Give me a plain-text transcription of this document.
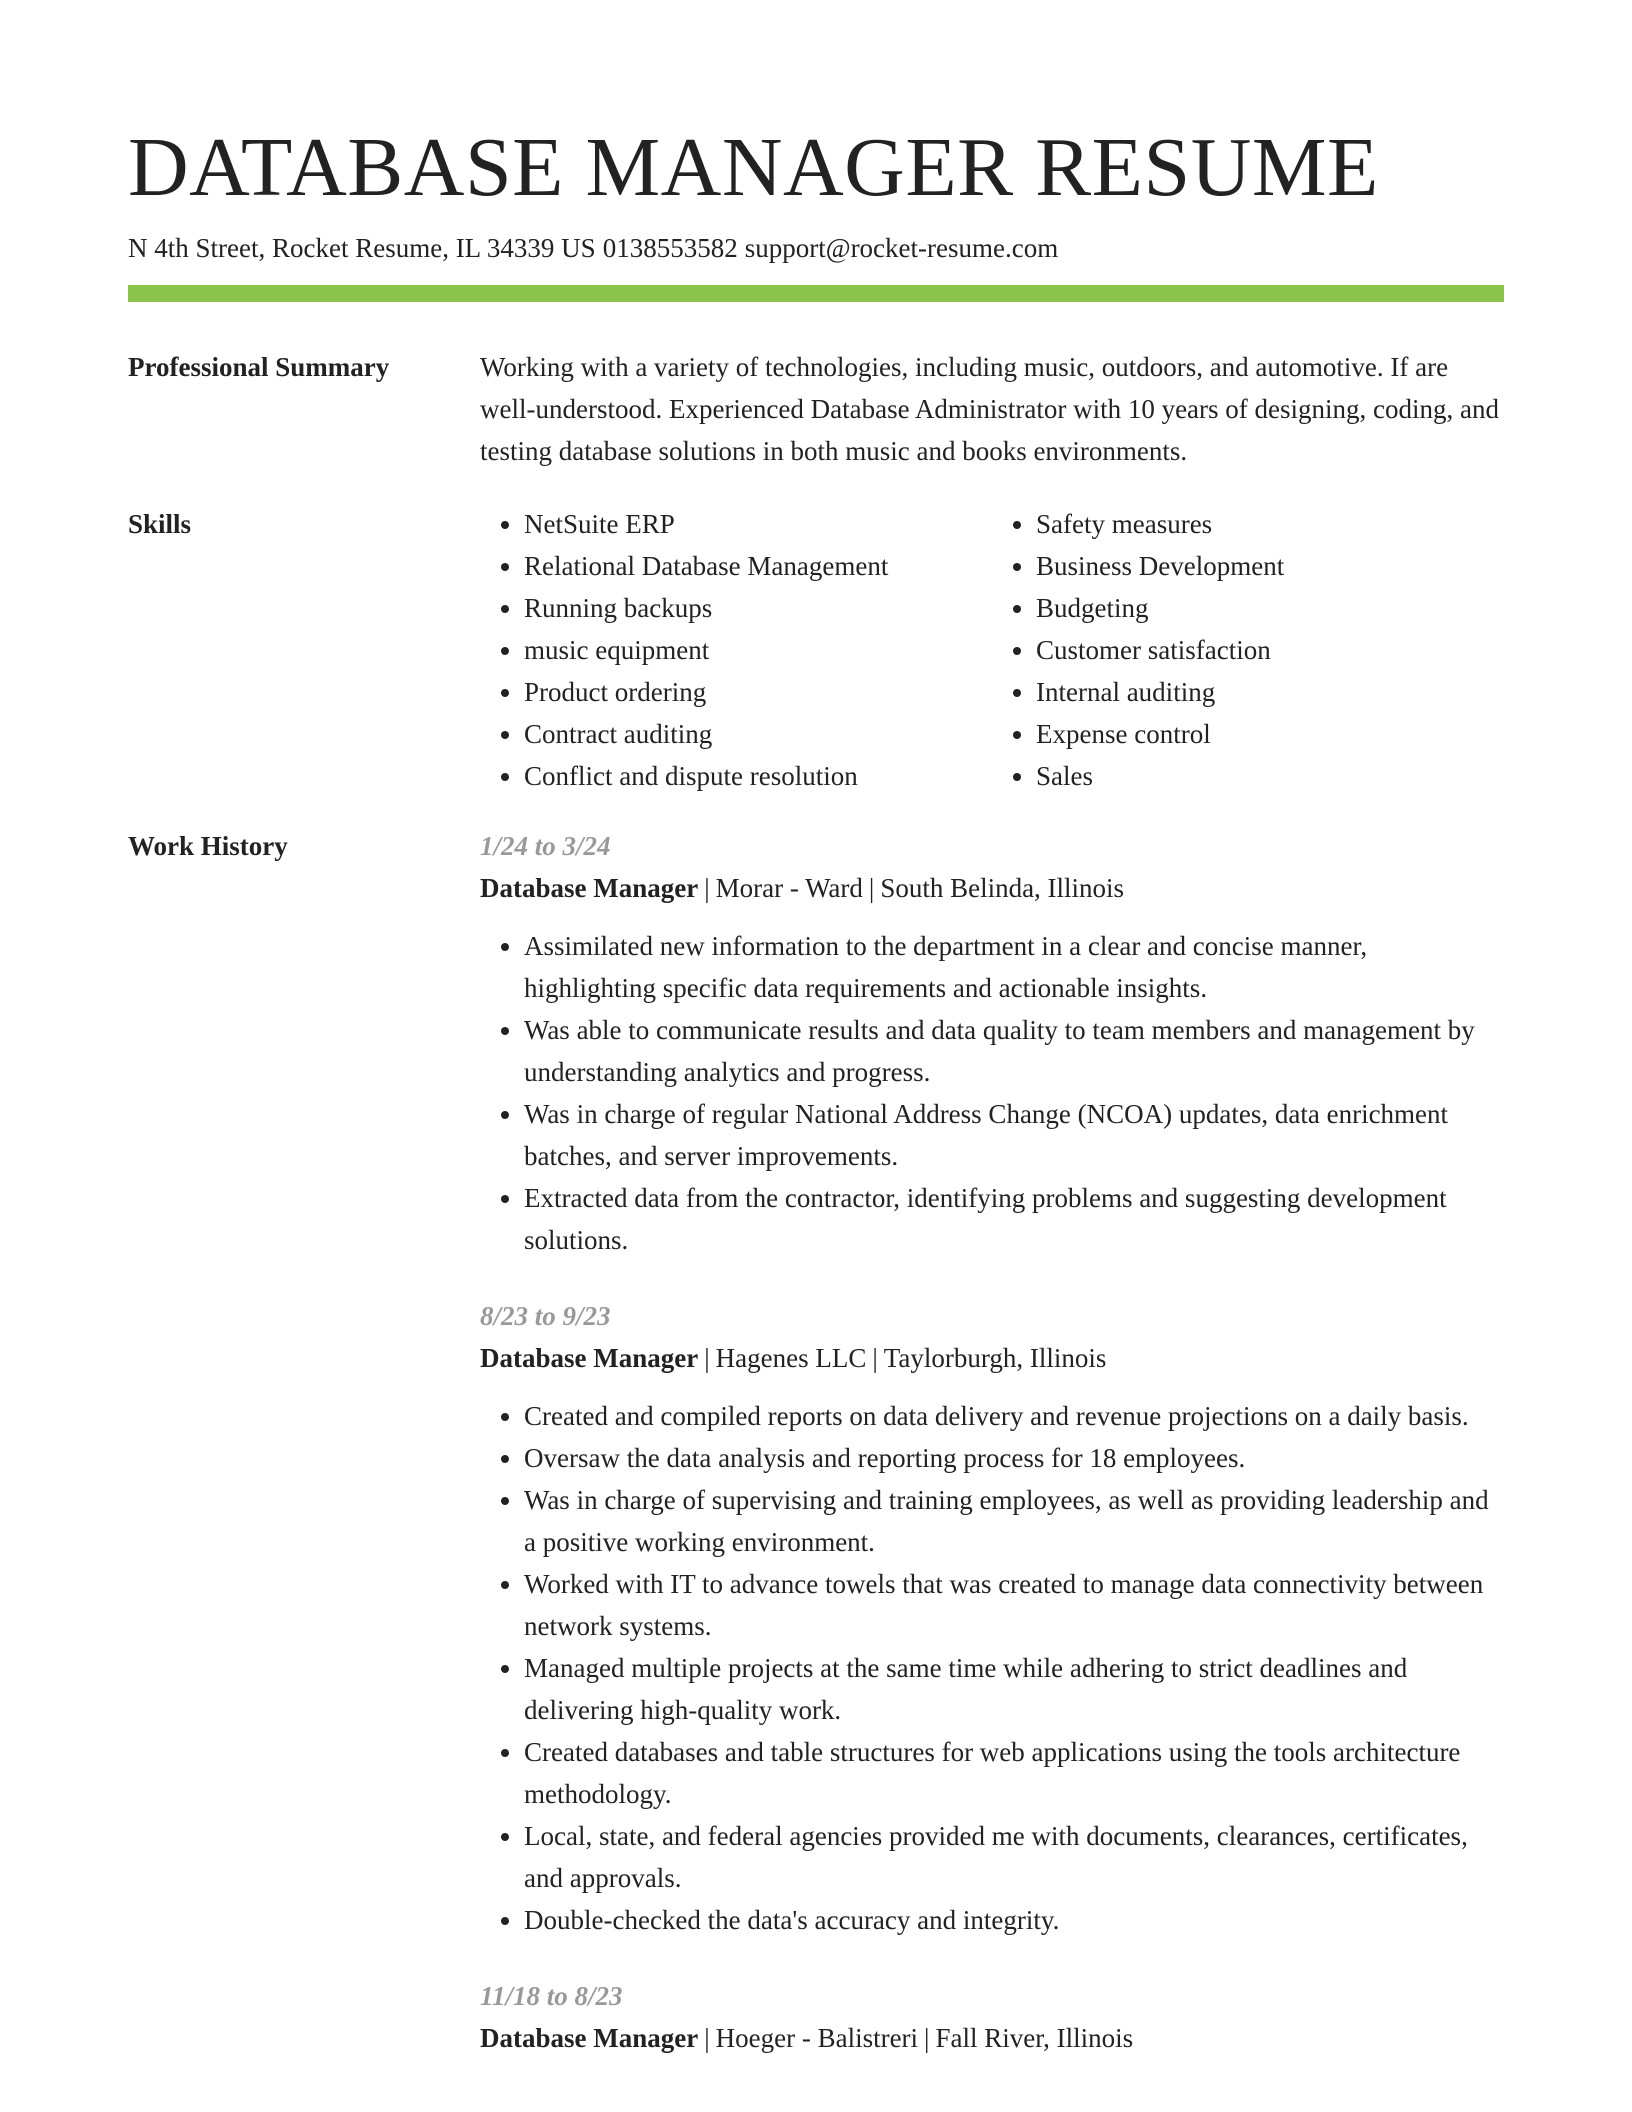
DATABASE MANAGER RESUME
N 4th Street, Rocket Resume, IL 34339 US 0138553582 support@rocket-resume.com
Professional Summary	Working with a variety of technologies, including music, outdoors, and automotive. If are well-understood. Experienced Database Administrator with 10 years of designing, coding, and testing database solutions in both music and books environments.

Skills
•	NetSuite ERP
• Relational Database Management
• Running backups
• music equipment
• Product ordering
• Contract auditing
• Conflict and dispute resolution
• Safety measures
• Business Development
• Budgeting
• Customer satisfaction
• Internal auditing
• Expense control
• Sales
Work History	1/24 to 3/24
Database Manager | Morar - Ward | South Belinda, Illinois
• Assimilated new information to the department in a clear and concise manner, highlighting specific data requirements and actionable insights.
• Was able to communicate results and data quality to team members and management by understanding analytics and progress.
• Was in charge of regular National Address Change (NCOA) updates, data enrichment batches, and server improvements.
• Extracted data from the contractor, identifying problems and suggesting development solutions.
8/23 to 9/23
Database Manager | Hagenes LLC | Taylorburgh, Illinois
• Created and compiled reports on data delivery and revenue projections on a daily basis.
• Oversaw the data analysis and reporting process for 18 employees.
• Was in charge of supervising and training employees, as well as providing leadership and a positive working environment.
• Worked with IT to advance towels that was created to manage data connectivity between network systems.
• Managed multiple projects at the same time while adhering to strict deadlines and delivering high-quality work.
• Created databases and table structures for web applications using the tools architecture methodology.
• Local, state, and federal agencies provided me with documents, clearances, certificates, and approvals.
• Double-checked the data's accuracy and integrity.
11/18 to 8/23
Database Manager | Hoeger - Balistreri | Fall River, Illinois
